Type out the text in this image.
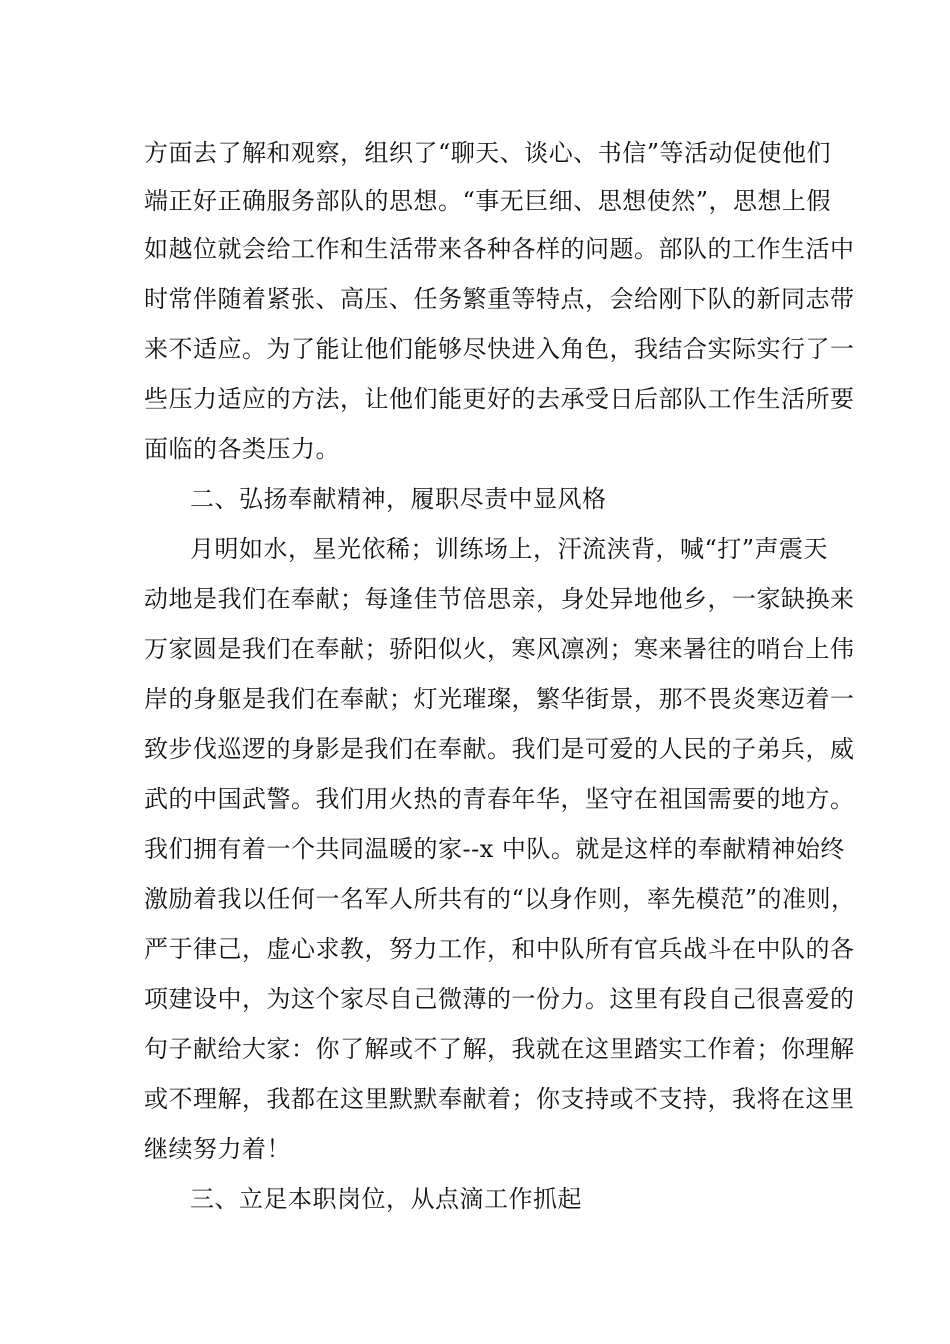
方面去了解和观察，组织了“聊天、谈心、书信”等活动促使他们
端正好正确服务部队的思想。“事无巨细、思想使然”，思想上假
如越位就会给工作和生活带来各种各样的问题。部队的工作生活中
时常伴随着紧张、高压、任务繁重等特点，会给刚下队的新同志带
来不适应。为了能让他们能够尽快进入角色，我结合实际实行了一
些压力适应的方法，让他们能更好的去承受日后部队工作生活所要
面临的各类压力。
二、弘扬奉献精神，履职尽责中显风格
月明如水，星光依稀；训练场上，汗流浃背，喊“打”声震天
动地是我们在奉献；每逢佳节倍思亲，身处异地他乡，一家缺换来
万家圆是我们在奉献；骄阳似火，寒风凛冽；寒来暑往的哨台上伟
岸的身躯是我们在奉献；灯光璀璨，繁华街景，那不畏炎寒迈着一
致步伐巡逻的身影是我们在奉献。我们是可爱的人民的子弟兵，威
武的中国武警。我们用火热的青春年华，坚守在祖国需要的地方。
我们拥有着一个共同温暖的家--x 中队。就是这样的奉献精神始终
激励着我以任何一名军人所共有的“以身作则，率先模范”的准则，
严于律己，虚心求教，努力工作，和中队所有官兵战斗在中队的各
项建设中，为这个家尽自己微薄的一份力。这里有段自己很喜爱的
句子献给大家：你了解或不了解，我就在这里踏实工作着；你理解
或不理解，我都在这里默默奉献着；你支持或不支持，我将在这里
继续努力着！
三、立足本职岗位，从点滴工作抓起
